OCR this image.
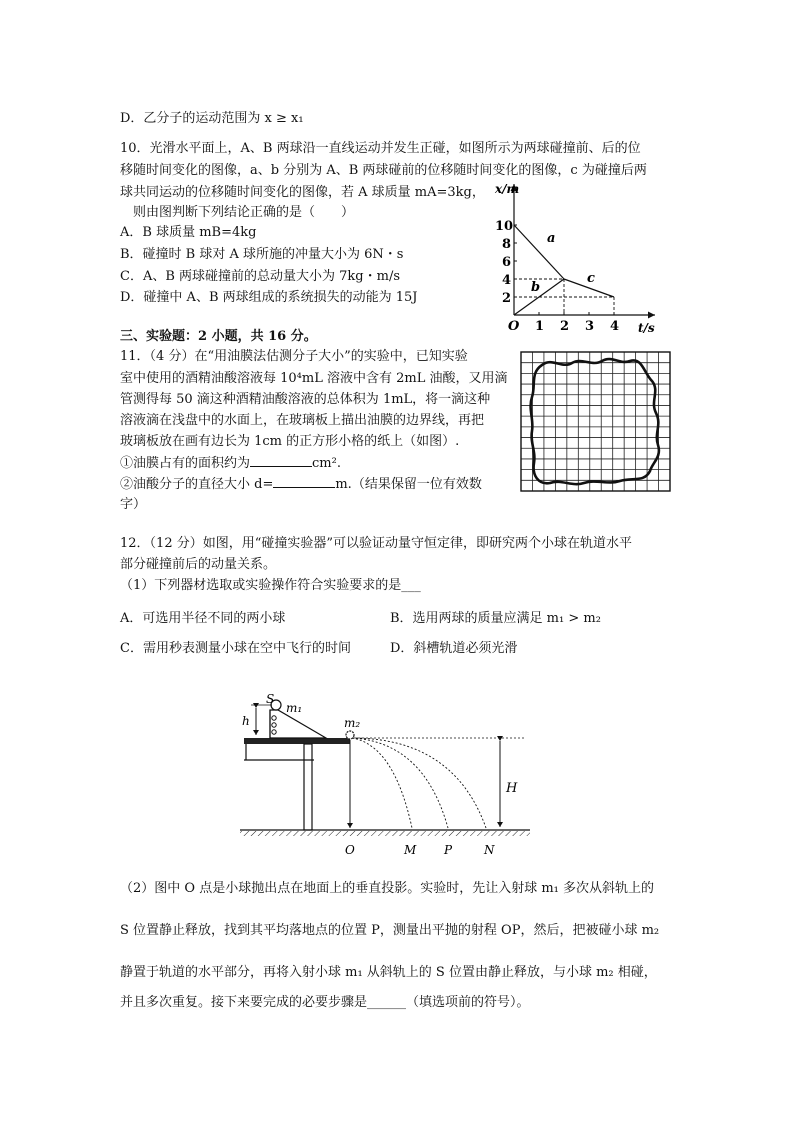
D．乙分子的运动范围为 x ≥ x₁
10．光滑水平面上，A、B 两球沿一直线运动并发生正碰，如图所示为两球碰撞前、后的位
移随时间变化的图像，a、b 分别为 A、B 两球碰前的位移随时间变化的图像，c 为碰撞后两
球共同运动的位移随时间变化的图像，若 A 球质量 mA=3kg，
则由图判断下列结论正确的是（　　）
A．B 球质量 mB=4kg
B．碰撞时 B 球对 A 球所施的冲量大小为 6N・s
C．A、B 两球碰撞前的总动量大小为 7kg・m/s
D．碰撞中 A、B 两球组成的系统损失的动能为 15J
x/m
t/s
O 1 2 3 4
2
4
6
8
10
a
b
c
三、实验题：2 小题，共 16 分。
11．（4 分）在“用油膜法估测分子大小”的实验中，已知实验
室中使用的酒精油酸溶液每 10⁴mL 溶液中含有 2mL 油酸，又用滴
管测得每 50 滴这种酒精油酸溶液的总体积为 1mL，将一滴这种
溶液滴在浅盘中的水面上，在玻璃板上描出油膜的边界线，再把
玻璃板放在画有边长为 1cm 的正方形小格的纸上（如图）.
①油膜占有的面积约为	cm².
②油酸分子的直径大小 d=	m.（结果保留一位有效数
字）
12．（12 分）如图，用“碰撞实验器”可以验证动量守恒定律，即研究两个小球在轨道水平
部分碰撞前后的动量关系。
（1）下列器材选取或实验操作符合实验要求的是___
A．可选用半径不同的两小球	B．选用两球的质量应满足 m₁ > m₂
C．需用秒表测量小球在空中飞行的时间	D．斜槽轨道必须光滑
S
h
m₁
m₂
H
O	M P	N
（2）图中 O 点是小球抛出点在地面上的垂直投影。实验时，先让入射球 m₁ 多次从斜轨上的
S 位置静止释放，找到其平均落地点的位置 P，测量出平抛的射程 OP，然后，把被碰小球 m₂
静置于轨道的水平部分，再将入射小球 m₁ 从斜轨上的 S 位置由静止释放，与小球 m₂ 相碰，
并且多次重复。接下来要完成的必要步骤是______（填选项前的符号）。
